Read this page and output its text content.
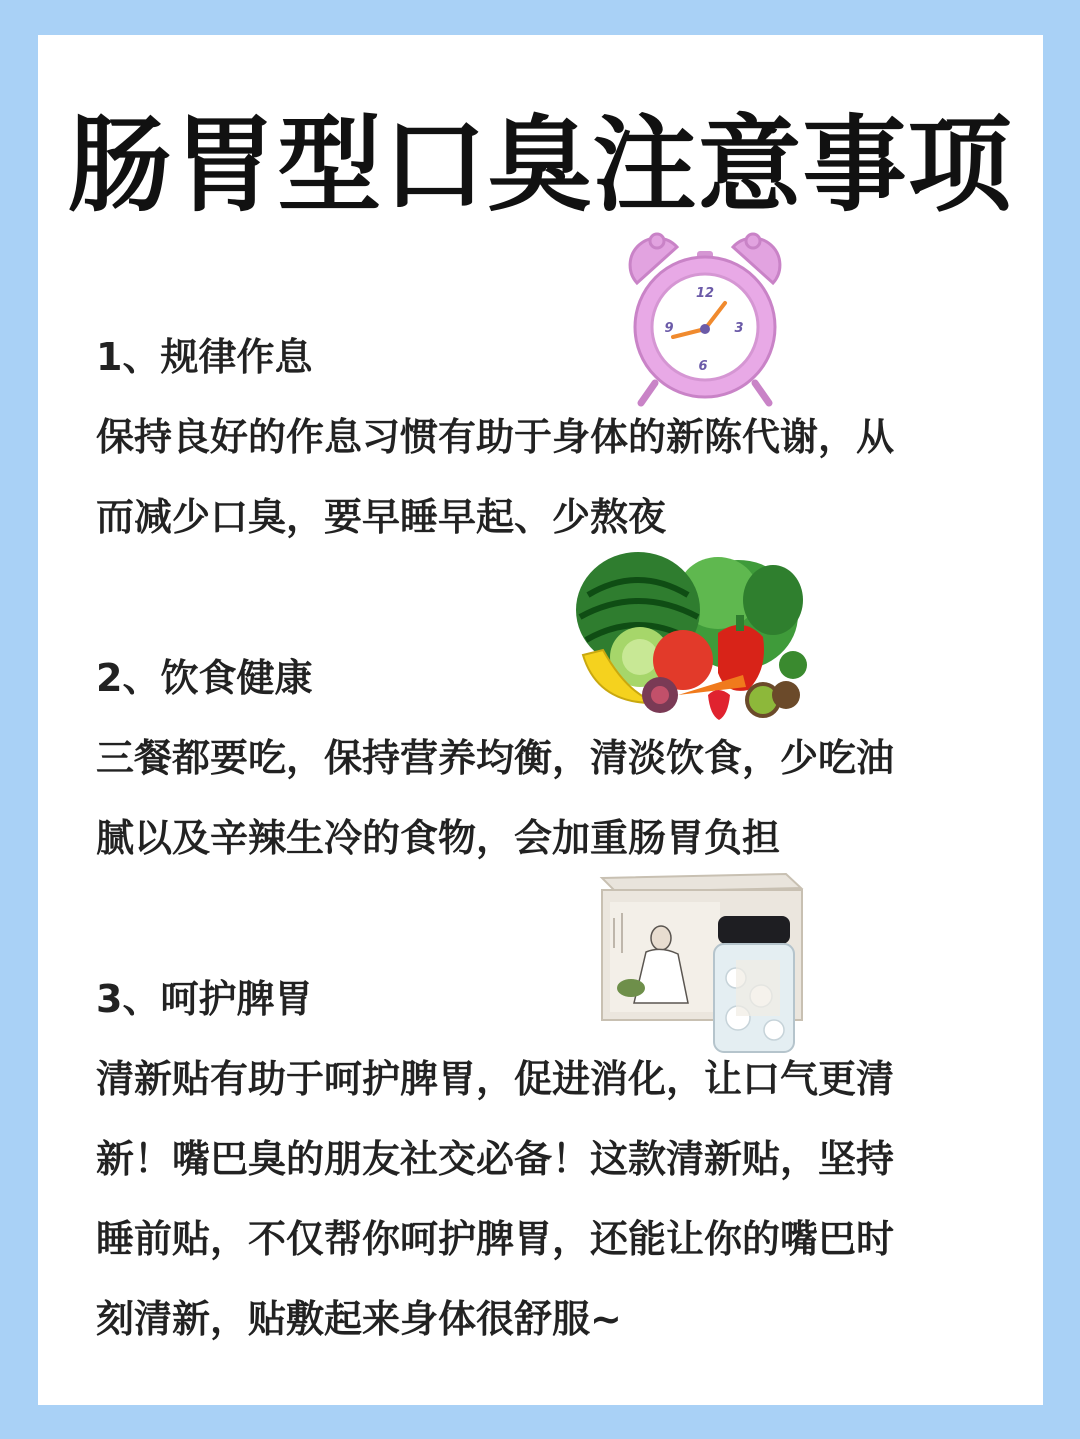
肠胃型口臭注意事项
1、规律作息
保持良好的作息习惯有助于身体的新陈代谢，从
而减少口臭，要早睡早起、少熬夜
12
3
6
9
2、饮食健康
三餐都要吃，保持营养均衡，清淡饮食，少吃油
腻以及辛辣生冷的食物，会加重肠胃负担
3、呵护脾胃
清新贴有助于呵护脾胃，促进消化，让口气更清
新！嘴巴臭的朋友社交必备！这款清新贴，坚持
睡前贴，不仅帮你呵护脾胃，还能让你的嘴巴时
刻清新，贴敷起来身体很舒服~
